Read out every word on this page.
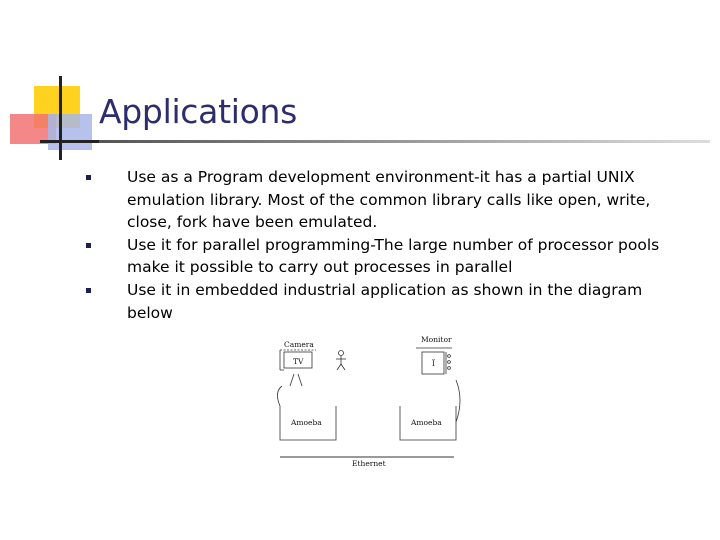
Applications
Use as a Program development environment-it has a partial UNIX emulation library. Most of the common library calls like open, write, close, fork have been emulated.
Use it for parallel programming-The large number of processor pools make it possible to carry out processes in parallel
Use it in embedded industrial application as shown in the diagram below
Camera
TV
Monitor
Ï
Amoeba	Amoeba
Ethernet
